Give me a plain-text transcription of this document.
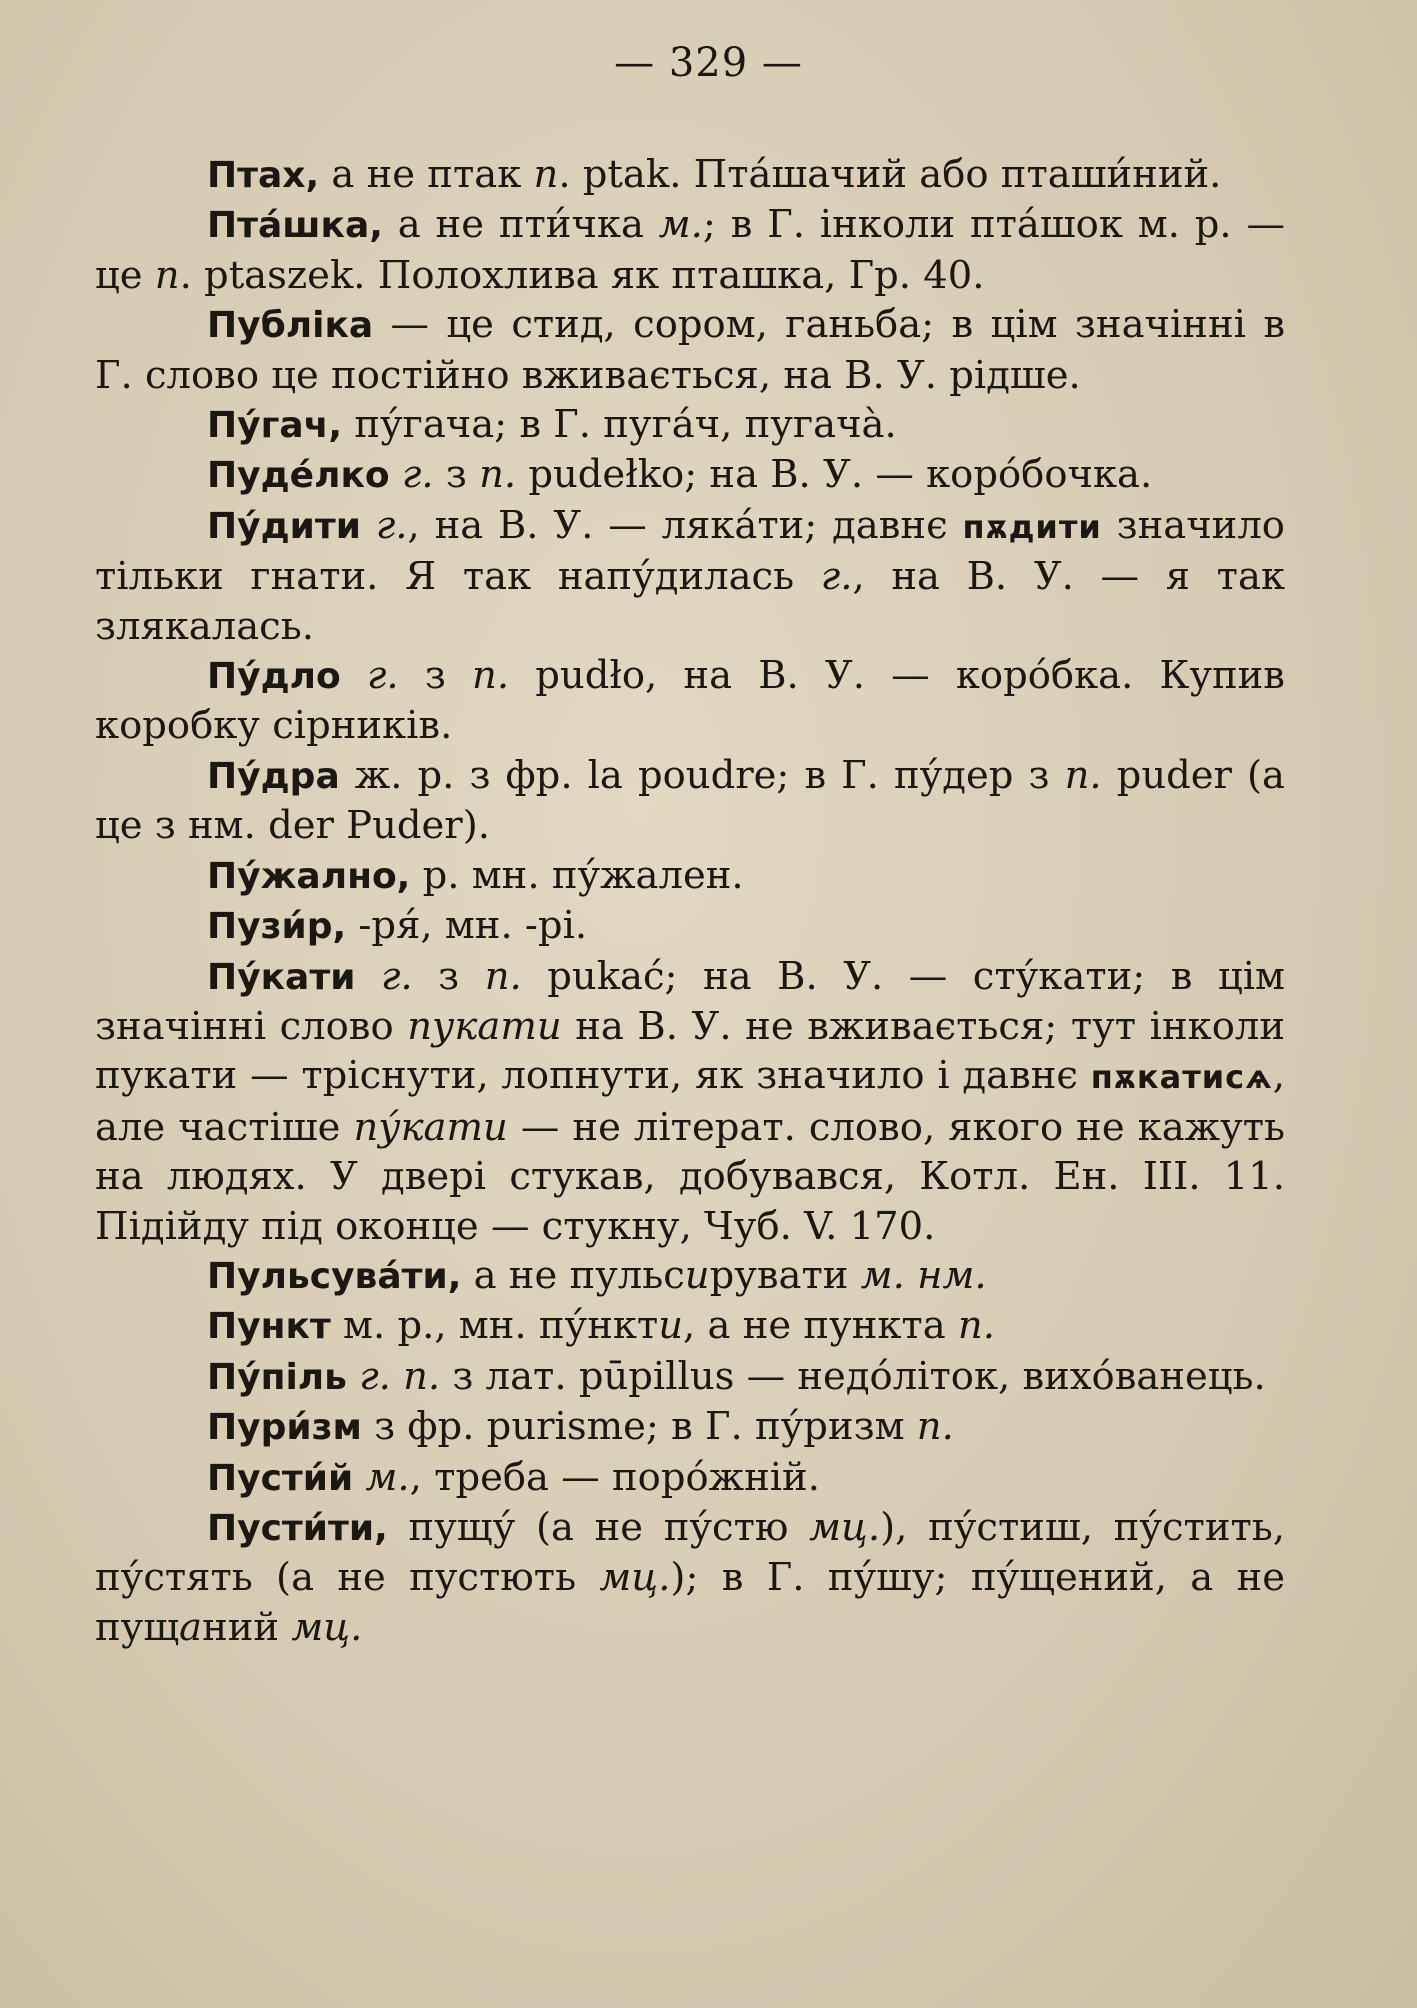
— 329 —

Птах, а не птак п. ptak. Пта́шачий або пташи́ний.

Пта́шка, а не пти́чка м.; в Г. інколи пта́шок м. р. — це п. ptaszek. Полохлива як пташка, Гр. 40.

Публіка — це стид, сором, ганьба; в цім значінні в Г. слово це постійно вживається, на В. У. рідше.

Пу́гач, пу́гача; в Г. пуга́ч, пугача̀.

Пуде́лко г. з п. pudełko; на В. У. — коро́бочка.

Пу́дити г., на В. У. — ляка́ти; давнє пѫдити значило тільки гнати. Я так напу́дилась г., на В. У. — я так злякалась.

Пу́дло г. з п. pudło, на В. У. — коро́бка. Купив коробку сірників.

Пу́дра ж. р. з фр. la poudre; в Г. пу́дер з п. puder (а це з нм. der Puder).

Пу́жално, р. мн. пу́жален.

Пузи́р, -ря́, мн. -рі.

Пу́кати г. з п. pukać; на В. У. — сту́кати; в цім значінні слово пукати на В. У. не вживається; тут інколи пукати — тріснути, лопнути, як значило і давнє пѫкатисѧ, але частіше пу́кати — не літерат. слово, якого не кажуть на людях. У двері стукав, добувався, Котл. Ен. III. 11. Підійду під оконце — стукну, Чуб. V. 170.

Пульсува́ти, а не пульсирувати м. нм.

Пункт м. р., мн. пу́нкти, а не пункта п.

Пу́піль г. п. з лат. pūpillus — недо́літок, вихо́ванець.

Пури́зм з фр. purisme; в Г. пу́ризм п.

Пусти́й м., треба — поро́жній.

Пусти́ти, пущу́ (а не пу́стю мц.), пу́стиш, пу́стить, пу́стять (а не пустють мц.); в Г. пу́шу; пу́щений, а не пущаний мц.
